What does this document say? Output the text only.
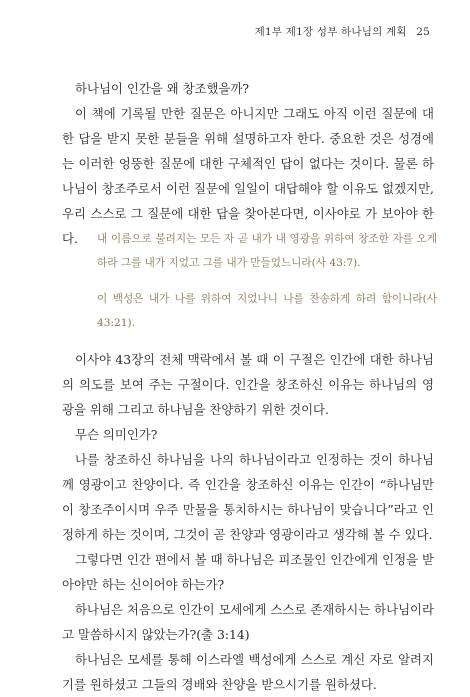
제1부 제1장 성부 하나님의 계획 25

하나님이 인간을 왜 창조했을까?

이 책에 기록될 만한 질문은 아니지만 그래도 아직 이런 질문에 대한 답을 받지 못한 분들을 위해 설명하고자 한다. 중요한 것은 성경에는 이러한 엉뚱한 질문에 대한 구체적인 답이 없다는 것이다. 물론 하나님이 창조주로서 이런 질문에 일일이 대답해야 할 이유도 없겠지만, 우리 스스로 그 질문에 대한 답을 찾아본다면, 이사야로 가 보아야 한다.	내 이름으로 불려지는 모든 자 곧 내가 내 영광을 위하여 창조한 자를 오게 하라 그를 내가 지었고 그를 내가 만들었느니라(사 43:7).

이 백성은 내가 나를 위하여 지었나니 나를 찬송하게 하려 함이니라(사 43:21).

이사야 43장의 전체 맥락에서 볼 때 이 구절은 인간에 대한 하나님의 의도를 보여 주는 구절이다. 인간을 창조하신 이유는 하나님의 영광을 위해 그리고 하나님을 찬양하기 위한 것이다.

무슨 의미인가?

나를 창조하신 하나님을 나의 하나님이라고 인정하는 것이 하나님께 영광이고 찬양이다. 즉 인간을 창조하신 이유는 인간이 “하나님만이 창조주이시며 우주 만물을 통치하시는 하나님이 맞습니다”라고 인정하게 하는 것이며, 그것이 곧 찬양과 영광이라고 생각해 볼 수 있다.

그렇다면 인간 편에서 볼 때 하나님은 피조물인 인간에게 인정을 받아야만 하는 신이어야 하는가?

하나님은 처음으로 인간이 모세에게 스스로 존재하시는 하나님이라고 말씀하시지 않았는가?(출 3:14)

하나님은 모세를 통해 이스라엘 백성에게 스스로 계신 자로 알려지기를 원하셨고 그들의 경배와 찬양을 받으시기를 원하셨다.
